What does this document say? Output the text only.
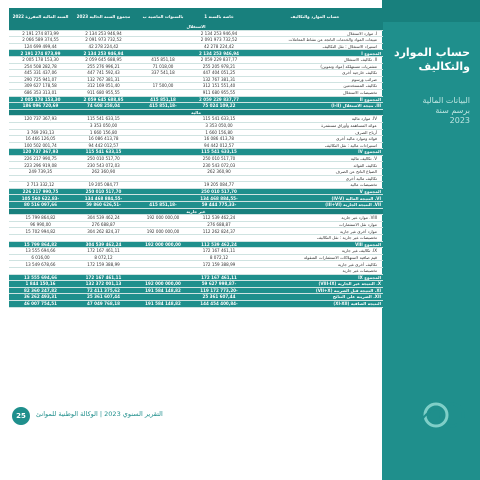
حساب الموارد
والتكاليف
البيانات المالية
برسم سنة
2023
حساب الموارد والتكاليف	خاصة بالسنة 1	بالسنوات الماضية ب	مجموع السنة الحالية 2023	السنة المالية المفرزة 2022
الاستغلال				
I. موارد الاستغلال	2 134 253 946,94		2 134 253 946,94	2 191 274 873,99
مبيعات المواد والخدمات الناتجة عن نشاط المعاملات	2 091 973 732,52		2 091 973 732,52	2 066 589 374,55
استيراد الاستغلال : نقل التكاليف	42 278 224,42		42 278 224,42	124 699 499,44
المجموع I	2 134 253 946,94		2 134 253 946,94	2 191 274 873,99
II. تكاليف الاستغلال	2 059 229 837,77	415 851,18	2 059 645 688,95	2 005 178 153,30
مشتريات مستهلكة (مواد وتموين)	255 205 978,21	71 018,00	255 276 996,21	254 508 282,78
تكاليف خارجية أخرى	447 404 051,25	337 541,18	447 741 592,43	445 331 437,06
ضرائب ورسوم	132 767 381,31		132 767 381,31	290 725 941,07
تكاليف المستخدمين	312 151 551,40	17 500,00	312 169 051,40	309 627 178,58
تخصيصات الاستغلال	911 680 955,55		911 680 955,55	686 353 313,01
المجموع II	2 059 229 837,77	415 851,18	2 059 645 688,95	2 005 178 153,30
III. نتيجة الاستغلال (I-II)	75 024 109,22	415 851,18-	74 608 258,04	186 096 720,69
مالية				
IV. موارد مالية	115 541 633,15		115 541 633,15	120 737 367,93
عوائد المساهمة وأوراق مستثمرة	3 353 050,00		3 353 050,00	
أرباح الصرف	1 660 156,80		1 660 156,80	3 769 293,13
فوائد وموارد مالية أخرى	16 086 413,78		16 086 413,78	16 466 126,05
استيرادات مالية : نقل التكاليف	94 442 012,57		94 442 012,57	100 502 001,74
المجموع IV	115 541 633,15		115 541 633,15	120 737 367,93
V. تكاليف مالية	250 010 517,70		250 010 517,70	226 217 990,75
تكاليف الفوائد	230 543 072,03		230 543 072,03	223 296 919,08
الضياع الناتج عن الصرف	262 360,90		262 360,90	249 739,35
تكاليف مالية أخرى				
تخصيصات مالية	19 205 084,77		19 205 084,77	2 713 332,12
المجموع V	250 010 517,70		250 010 517,70	226 217 990,75
VI. النتيجة المالية (IV-V)	134 468 884,55-		134 468 884,55-	105 560 622,83-
VII. النتيجة الجارية (III+VI)	59 444 775,33-	415 851,18-	59 860 626,51-	80 516 097,66
غير جارية				
VIII. موارد غير جارية	112 539 462,24	192 000 000,00	304 539 462,24	15 799 864,82
موارد نقل الاستثمارات	276 688,87		276 688,87	96 990,00
موارد أخرى غير جارية	112 262 824,37	192 000 000,00	304 262 824,37	15 702 994,82
تخصيصات غير جارية : نقل التكاليف				
المجموع VIII	112 539 462,24	192 000 000,00	304 539 462,24	15 799 864,82
IX. تكاليف غير جارية	172 167 461,11		172 167 461,11	13 555 694,66
قيم صافية لاستهلاكات الاستثمارات المنقولة	8 072,12		8 072,12	6 016,00
تكاليف أخرى غير جارية	172 159 388,99		172 159 388,99	13 549 678,66
تخصيصات غير جارية				
المجموع IX	172 167 461,11		172 167 461,11	13 555 694,66
X. النتيجة غير الجارية (VIII-IX)	59 627 998,87-	192 000 000,00	132 372 001,13	1 844 150,16
XI. النتيجة قبل الضريبة (VII+X)	119 172 773,20-	191 584 148,82	72 411 375,62	82 360 247,82
XII. الضريبة على النتائج	25 361 607,44		25 361 607,44	36 262 493,31
النتيجة الصافية (XI-XII)	144 454 400,84-	191 584 148,82	47 049 768,18	46 007 754,51
25	التقرير السنوي 2023 | الوكالة الوطنية للموانئ
